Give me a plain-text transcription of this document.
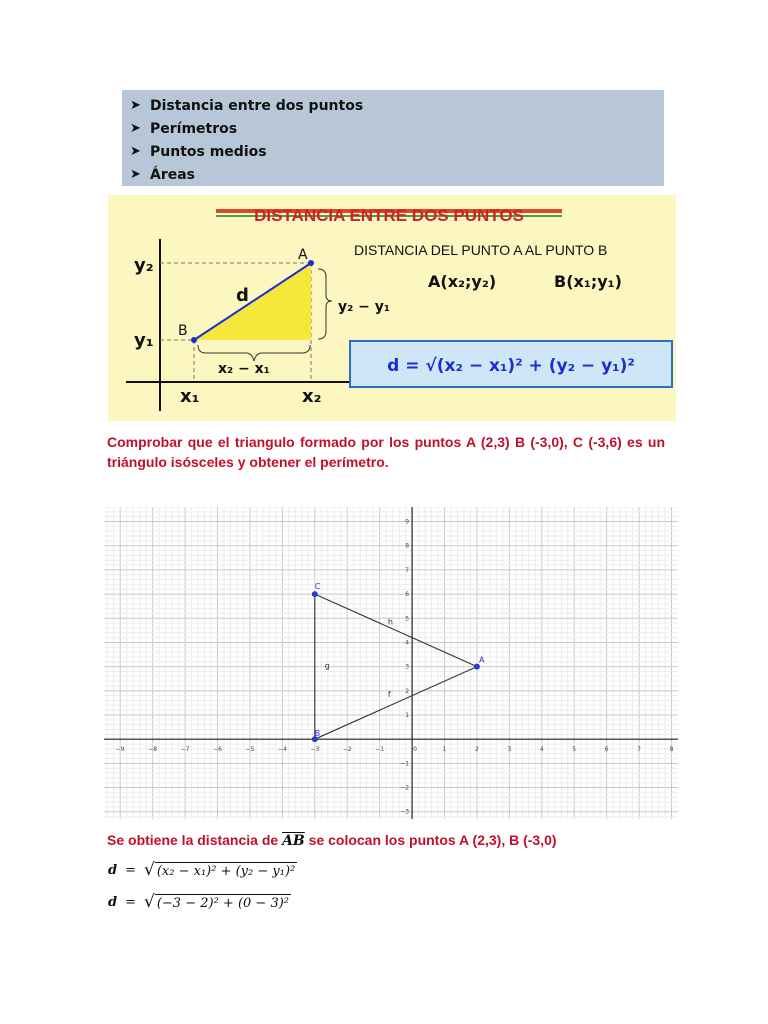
➤ Distancia entre dos puntos
➤ Perímetros
➤ Puntos medios
➤ Áreas
DISTANCIA ENTRE DOS PUNTOS
y₂
y₁
x₁	x₂
A
B
d
y₂ − y₁
x₂ − x₁
DISTANCIA DEL PUNTO A AL PUNTO B
A(x₂;y₂)	B(x₁;y₁)
d = √(x₂ − x₁)² + (y₂ − y₁)²
Comprobar que el triangulo formado por los puntos A (2,3) B (-3,0), C (-3,6) es un triángulo isósceles y obtener el perímetro.
−9	−8	−7	−6	−5	−4	−3	−2	−1	1	2	3	4	5	6	7	8
−3
−2
−1
1
2
3
4
5
6
7
8
9
0
g
h
f
A
B
C
Se obtiene la distancia de $\overline{AB}$ se colocan los puntos A (2,3), B (-3,0)
d = √ (x₂ − x₁)² + (y₂ − y₁)²
d = √ (−3 − 2)² + (0 − 3)²
